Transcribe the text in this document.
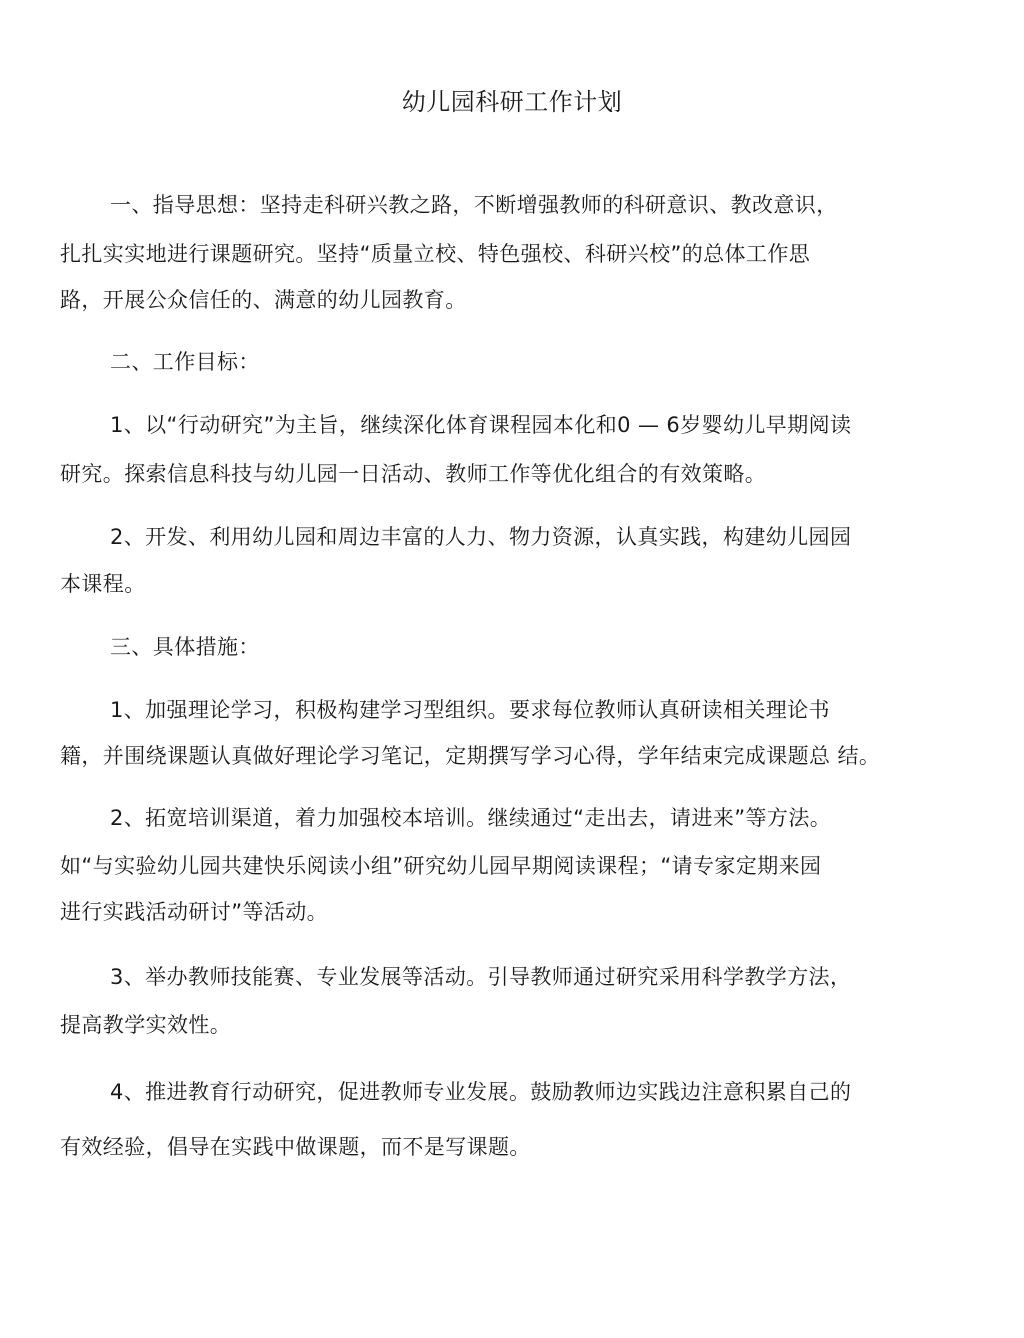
幼儿园科研工作计划
一、指导思想：坚持走科研兴教之路，不断增强教师的科研意识、教改意识，
扎扎实实地进行课题研究。坚持“质量立校、特色强校、科研兴校”的总体工作思
路，开展公众信任的、满意的幼儿园教育。
二、工作目标：
1、以“行动研究”为主旨，继续深化体育课程园本化和0 — 6岁婴幼儿早期阅读
研究。探索信息科技与幼儿园一日活动、教师工作等优化组合的有效策略。
2、开发、利用幼儿园和周边丰富的人力、物力资源，认真实践，构建幼儿园园
本课程。
三、具体措施：
1、加强理论学习，积极构建学习型组织。要求每位教师认真研读相关理论书
籍，并围绕课题认真做好理论学习笔记，定期撰写学习心得，学年结束完成课题总 结。
2、拓宽培训渠道，着力加强校本培训。继续通过“走出去，请进来”等方法。
如“与实验幼儿园共建快乐阅读小组”研究幼儿园早期阅读课程；“请专家定期来园
进行实践活动研讨”等活动。
3、举办教师技能赛、专业发展等活动。引导教师通过研究采用科学教学方法，
提高教学实效性。
4、推进教育行动研究，促进教师专业发展。鼓励教师边实践边注意积累自己的
有效经验，倡导在实践中做课题，而不是写课题。
